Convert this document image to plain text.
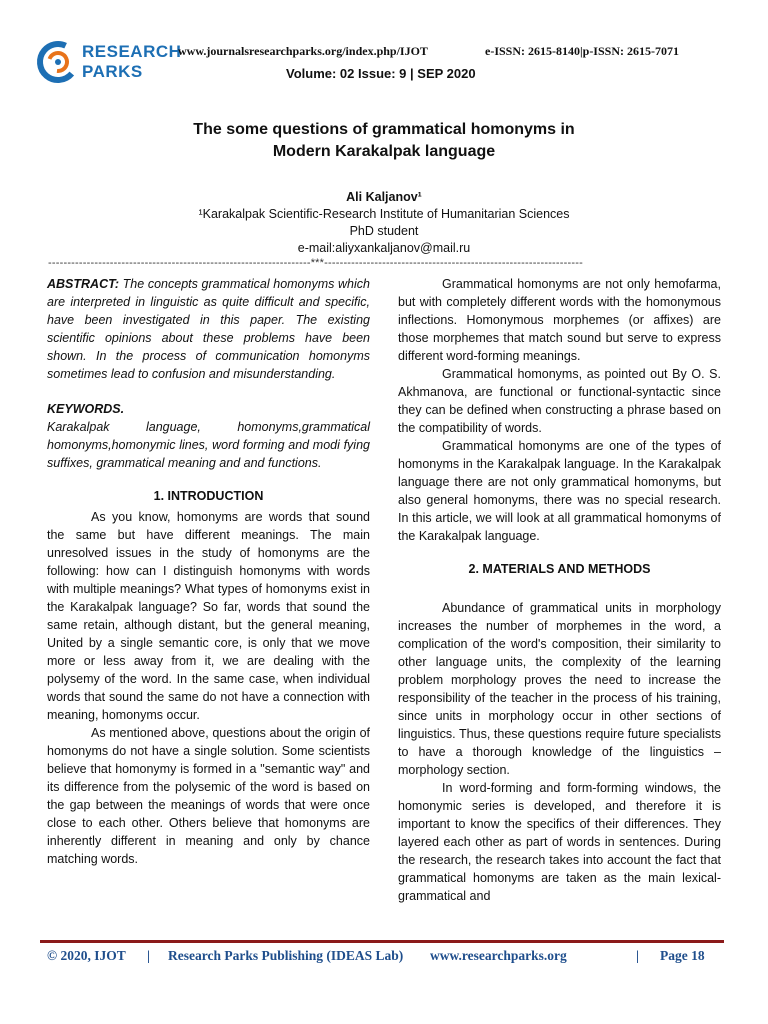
RESEARCH
PARKS
www.journalsresearchparks.org/index.php/IJOT	e-ISSN: 2615-8140|p-ISSN: 2615-7071
Volume: 02 Issue: 9 | SEP 2020
The some questions of grammatical homonyms in
Modern Karakalpak language
Ali Kaljanov¹
¹Karakalpak Scientific-Research Institute of Humanitarian Sciences
PhD student
e-mail:aliyxankaljanov@mail.ru
--------------------------------------------------------------------***-------------------------------------------------------------------

ABSTRACT: The concepts grammatical homonyms which are interpreted in linguistic as quite difficult and specific, have been investigated in this paper. The existing scientific opinions about these problems have been shown. In the process of communication homonyms sometimes lead to confusion and misunderstanding.

KEYWORDS.

Karakalpak language, homonyms,grammatical homonyms,homonymic lines, word forming and modi fying suffixes, grammatical meaning and and functions.

1. INTRODUCTION

As you know, homonyms are words that sound the same but have different meanings. The main unresolved issues in the study of homonyms are the following: how can I distinguish homonyms with words with multiple meanings? What types of homonyms exist in the Karakalpak language? So far, words that sound the same retain, although distant, but the general meaning, United by a single semantic core, is only that we move more or less away from it, we are dealing with the polysemy of the word. In the same case, when individual words that sound the same do not have a connection with meaning, homonyms occur.

As mentioned above, questions about the origin of homonyms do not have a single solution. Some scientists believe that homonymy is formed in a "semantic way" and its difference from the polysemic of the word is based on the gap between the meanings of words that were once close to each other. Others believe that homonyms are inherently different in meaning and only by chance matching words.

Grammatical homonyms are not only hemofarma, but with completely different words with the homonymous inflections. Homonymous morphemes (or affixes) are those morphemes that match sound but serve to express different word-forming meanings.

Grammatical homonyms, as pointed out By O. S. Akhmanova, are functional or functional-syntactic since they can be defined when constructing a phrase based on the compatibility of words.

Grammatical homonyms are one of the types of homonyms in the Karakalpak language. In the Karakalpak language there are not only grammatical homonyms, but also general homonyms, there was no special research. In this article, we will look at all grammatical homonyms of the Karakalpak language.

2. MATERIALS AND METHODS

Abundance of grammatical units in morphology increases the number of morphemes in the word, a complication of the word's composition, their similarity to other language units, the complexity of the learning problem morphology proves the need to increase the responsibility of the teacher in the process of his training, since units in morphology occur in other sections of linguistics. Thus, these questions require future specialists to have a thorough knowledge of the linguistics – morphology section.

In word-forming and form-forming windows, the homonymic series is developed, and therefore it is important to know the specifics of their differences. They layered each other as part of words in sentences. During the research, the research takes into account the fact that grammatical homonyms are taken as the main lexical-grammatical and

© 2020, IJOT | Research Parks Publishing (IDEAS Lab) www.researchparks.org	| Page 18
